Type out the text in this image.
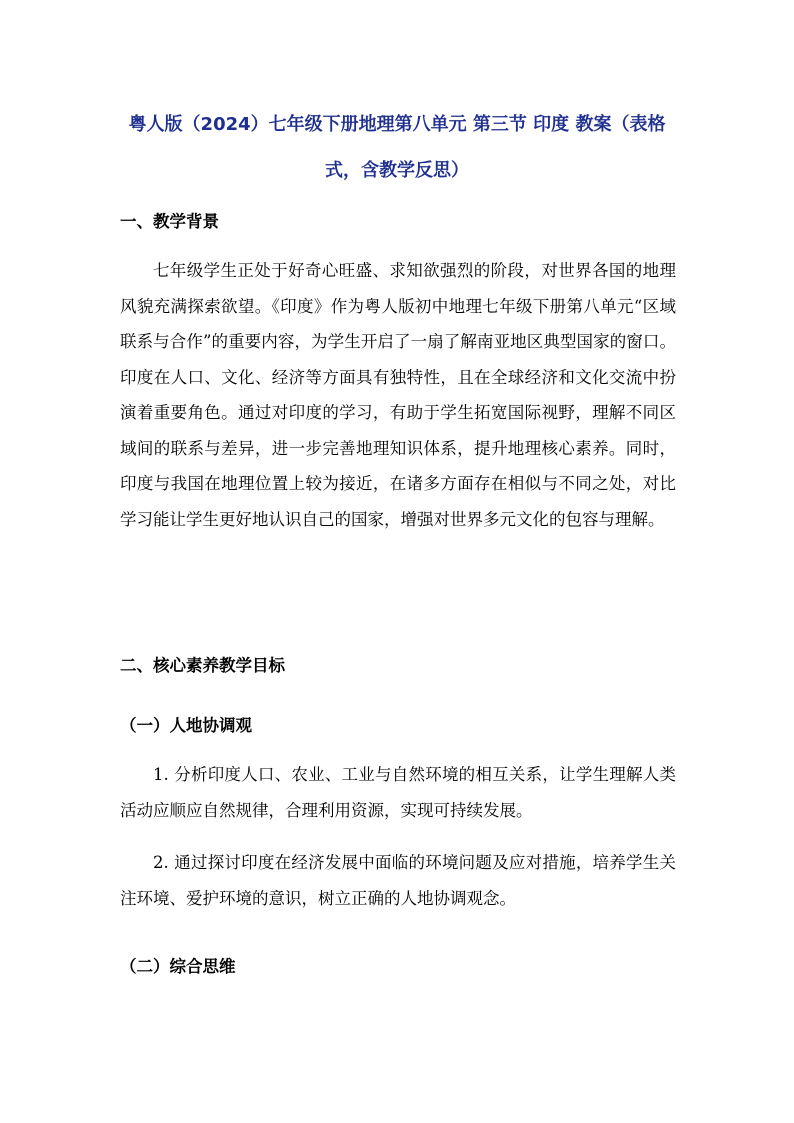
粤人版（2024）七年级下册地理第八单元 第三节 印度 教案（表格式，含教学反思）
一、教学背景

七年级学生正处于好奇心旺盛、求知欲强烈的阶段，对世界各国的地理风貌充满探索欲望。《印度》作为粤人版初中地理七年级下册第八单元“区域联系与合作”的重要内容，为学生开启了一扇了解南亚地区典型国家的窗口。印度在人口、文化、经济等方面具有独特性，且在全球经济和文化交流中扮演着重要角色。通过对印度的学习，有助于学生拓宽国际视野，理解不同区域间的联系与差异，进一步完善地理知识体系，提升地理核心素养。同时，印度与我国在地理位置上较为接近，在诸多方面存在相似与不同之处，对比学习能让学生更好地认识自己的国家，增强对世界多元文化的包容与理解。

二、核心素养教学目标
（一）人地协调观

1. 分析印度人口、农业、工业与自然环境的相互关系，让学生理解人类活动应顺应自然规律，合理利用资源，实现可持续发展。

2. 通过探讨印度在经济发展中面临的环境问题及应对措施，培养学生关注环境、爱护环境的意识，树立正确的人地协调观念。

（二）综合思维
